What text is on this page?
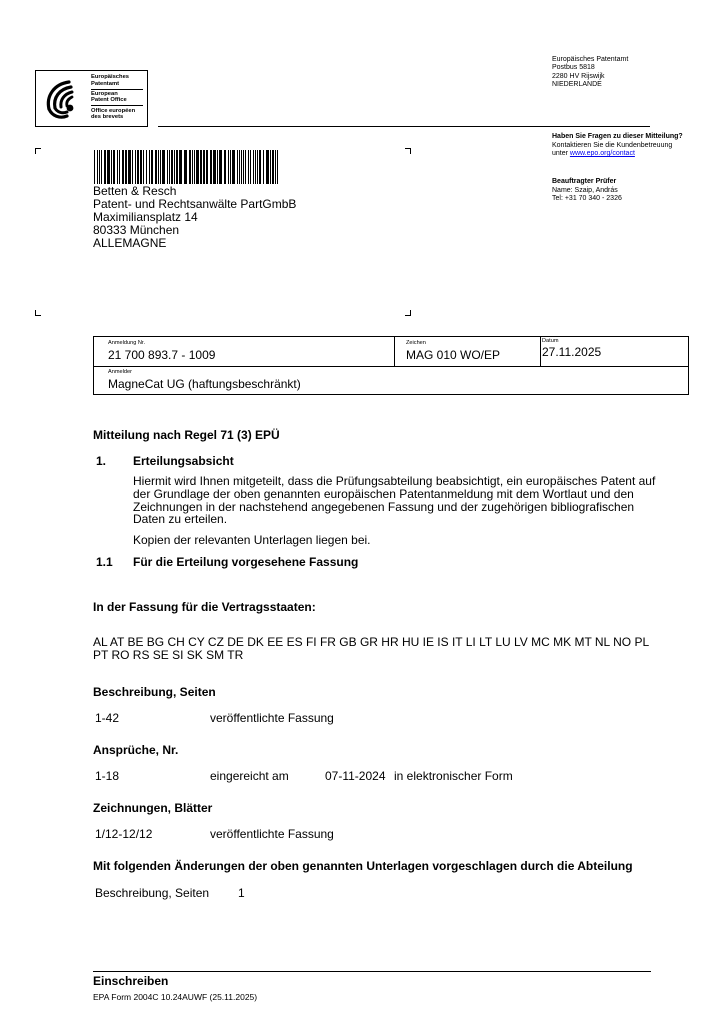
Europäisches
Patentamt
European
Patent Office
Office européen
des brevets
Europäisches Patentamt
Postbus 5818
2280 HV Rijswijk
NIEDERLANDE
Haben Sie Fragen zu dieser Mitteilung?
Kontaktieren Sie die Kundenbetreuung
unter www.epo.org/contact
Beauftragter Prüfer
Name: Szaip, András
Tel: +31 70 340 - 2326
Betten & Resch
Patent- und Rechtsanwälte PartGmbB
Maximiliansplatz 14
80333 München
ALLEMAGNE
Anmeldung Nr.
21 700 893.7 - 1009
Zeichen
MAG 010 WO/EP
Datum
27.11.2025
Anmelder
MagneCat UG (haftungsbeschränkt)
Mitteilung nach Regel 71 (3) EPÜ
1. Erteilungsabsicht
Hiermit wird Ihnen mitgeteilt, dass die Prüfungsabteilung beabsichtigt, ein europäisches Patent auf
der Grundlage der oben genannten europäischen Patentanmeldung mit dem Wortlaut und den
Zeichnungen in der nachstehend angegebenen Fassung und der zugehörigen bibliografischen
Daten zu erteilen.
Kopien der relevanten Unterlagen liegen bei.
1.1 Für die Erteilung vorgesehene Fassung
In der Fassung für die Vertragsstaaten:
AL AT BE BG CH CY CZ DE DK EE ES FI FR GB GR HR HU IE IS IT LI LT LU LV MC MK MT NL NO PL
PT RO RS SE SI SK SM TR
Beschreibung, Seiten
1-42	veröffentlichte Fassung
Ansprüche, Nr.
1-18	eingereicht am	07-11-2024 in elektronischer Form
Zeichnungen, Blätter
1/12-12/12	veröffentlichte Fassung
Mit folgenden Änderungen der oben genannten Unterlagen vorgeschlagen durch die Abteilung
Beschreibung, Seiten 1
Einschreiben
EPA Form 2004C 10.24AUWF (25.11.2025)
